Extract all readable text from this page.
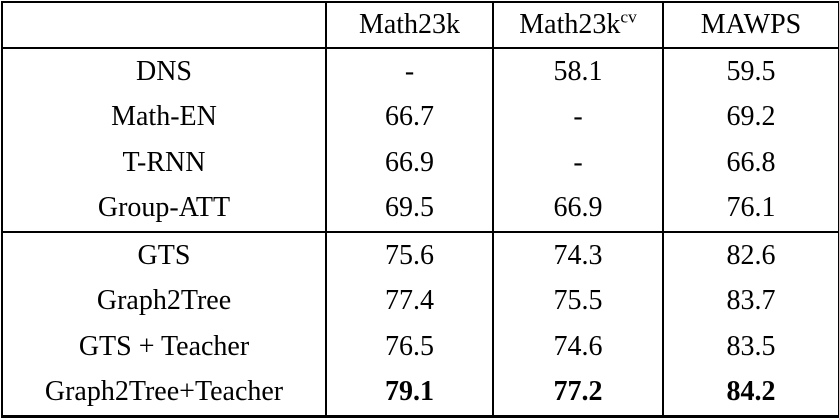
	Math23k	$Math23k^{cv}$	MAWPS
DNS	-	58.1	59.5
Math-EN	66.7	-	69.2
T-RNN	66.9	-	66.8
Group-ATT	69.5	66.9	76.1
GTS	75.6	74.3	82.6
Graph2Tree	77.4	75.5	83.7
GTS + Teacher	76.5	74.6	83.5
Graph2Tree+Teacher	79.1	77.2	84.2
